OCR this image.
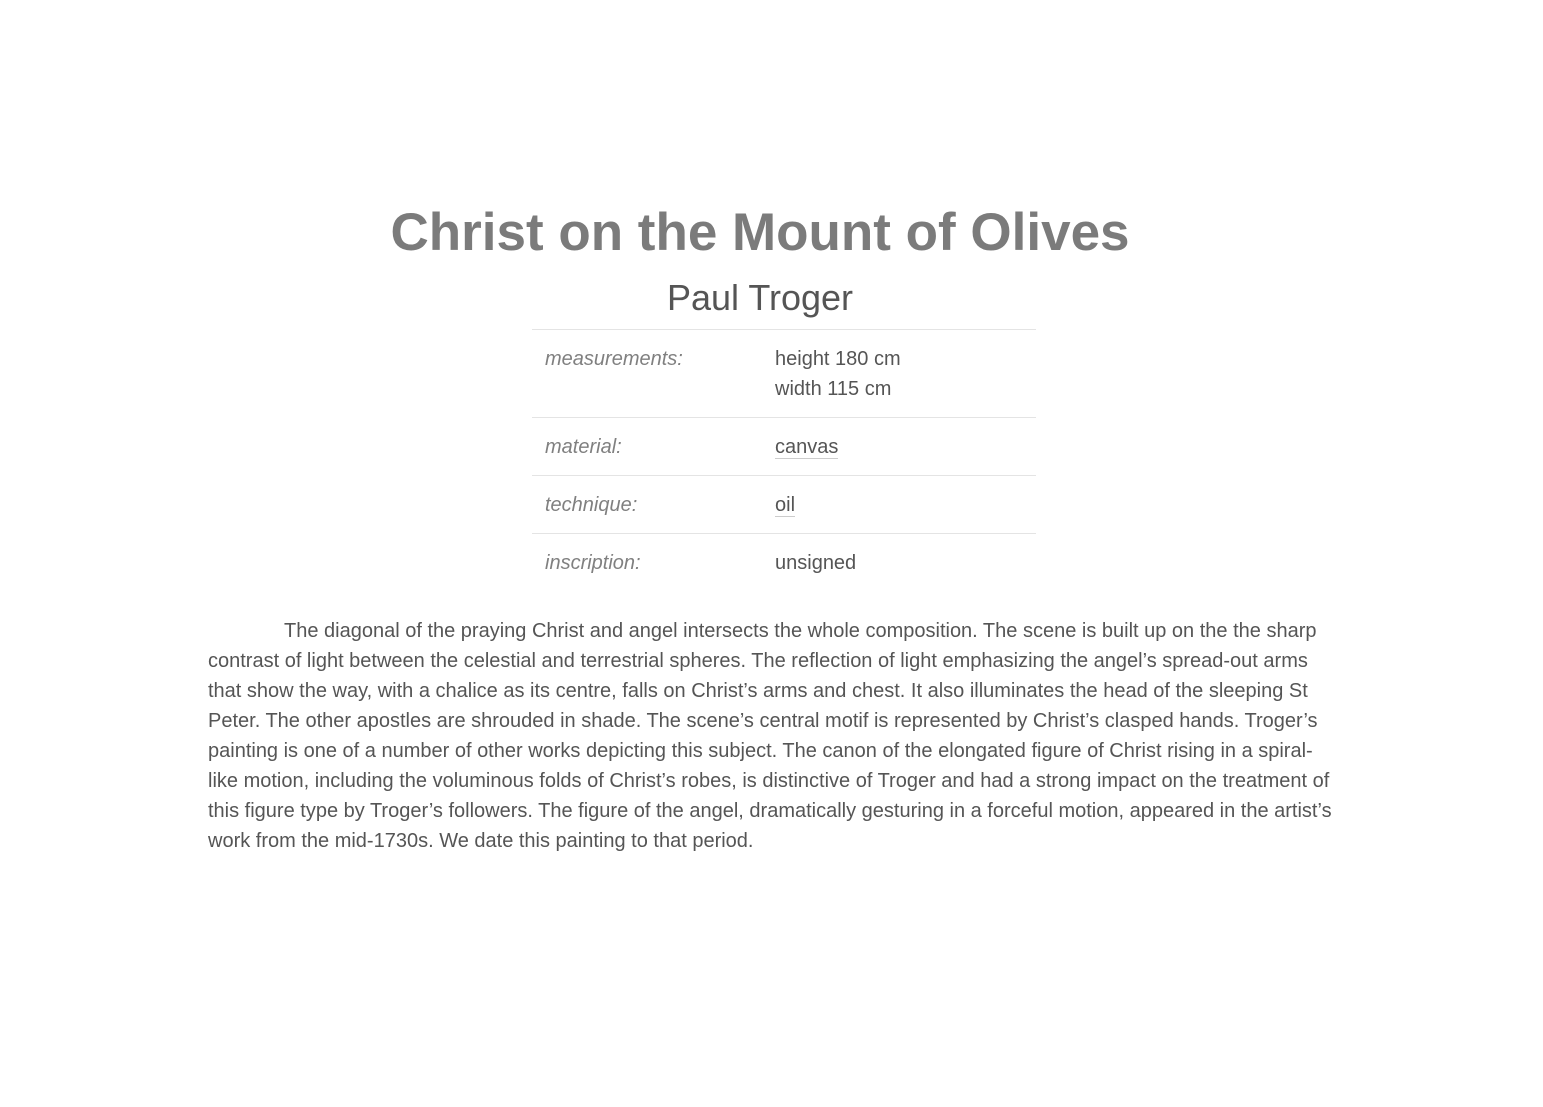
Christ on the Mount of Olives
Paul Troger
measurements:	height 180 cm
width 115 cm

material:	canvas
technique:	oil
inscription:	unsigned

The diagonal of the praying Christ and angel intersects the whole composition. The scene is built up on the the sharp contrast of light between the celestial and terrestrial spheres. The reflection of light emphasizing the angel’s spread-out arms that show the way, with a chalice as its centre, falls on Christ’s arms and chest. It also illuminates the head of the sleeping St Peter. The other apostles are shrouded in shade. The scene’s central motif is represented by Christ’s clasped hands. Troger’s painting is one of a number of other works depicting this subject. The canon of the elongated figure of Christ rising in a spiral-like motion, including the voluminous folds of Christ’s robes, is distinctive of Troger and had a strong impact on the treatment of this figure type by Troger’s followers. The figure of the angel, dramatically gesturing in a forceful motion, appeared in the artist’s work from the mid-1730s. We date this painting to that period.
